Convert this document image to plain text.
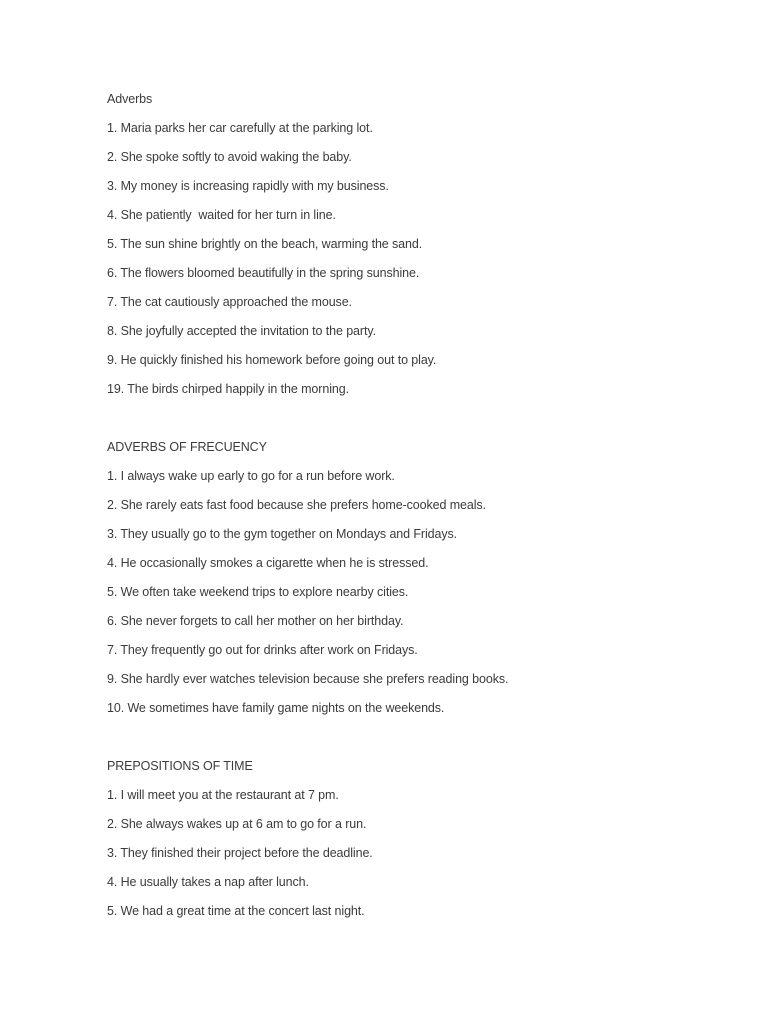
Adverbs

1. Maria parks her car carefully at the parking lot.

2. She spoke softly to avoid waking the baby.

3. My money is increasing rapidly with my business.

4. She patiently  waited for her turn in line.

5. The sun shine brightly on the beach, warming the sand.

6. The flowers bloomed beautifully in the spring sunshine.

7. The cat cautiously approached the mouse.

8. She joyfully accepted the invitation to the party.

9. He quickly finished his homework before going out to play.

19. The birds chirped happily in the morning.

ADVERBS OF FRECUENCY

1. I always wake up early to go for a run before work.

2. She rarely eats fast food because she prefers home-cooked meals.

3. They usually go to the gym together on Mondays and Fridays.

4. He occasionally smokes a cigarette when he is stressed.

5. We often take weekend trips to explore nearby cities.

6. She never forgets to call her mother on her birthday.

7. They frequently go out for drinks after work on Fridays.

9. She hardly ever watches television because she prefers reading books.

10. We sometimes have family game nights on the weekends.

PREPOSITIONS OF TIME

1. I will meet you at the restaurant at 7 pm.

2. She always wakes up at 6 am to go for a run.

3. They finished their project before the deadline.

4. He usually takes a nap after lunch.

5. We had a great time at the concert last night.
